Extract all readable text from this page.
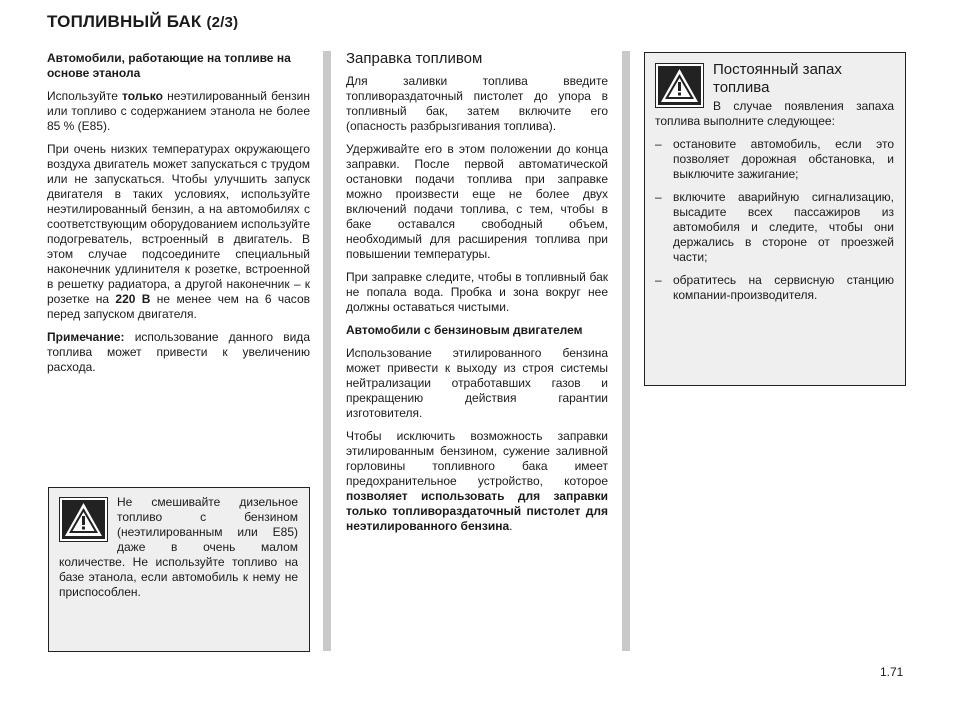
ТОПЛИВНЫЙ БАК (2/3)
Автомобили, работающие на топливе на основе этанола

Используйте только неэтилированный бензин или топливо с содержанием этанола не более 85 % (E85).

При очень низких температурах окружающего воздуха двигатель может запускаться с трудом или не запускаться. Чтобы улучшить запуск двигателя в таких условиях, используйте неэтилированный бензин, а на автомобилях с соответствующим оборудованием используйте подогреватель, встроенный в двигатель. В этом случае подсоедините специальный наконечник удлинителя к розетке, встроенной в решетку радиатора, а другой наконечник – к розетке на 220 В не менее чем на 6 часов перед запуском двигателя.

Примечание: использование данного вида топлива может привести к увеличению расхода.

Не смешивайте дизельное топливо с бензином (неэтилированным или E85) даже в очень малом количестве. Не используйте топливо на базе этанола, если автомобиль к нему не приспособлен.
Заправка топливом

Для заливки топлива введите топливораздаточный пистолет до упора в топливный бак, затем включите его (опасность разбрызгивания топлива).

Удерживайте его в этом положении до конца заправки. После первой автоматической остановки подачи топлива при заправке можно произвести еще не более двух включений подачи топлива, с тем, чтобы в баке оставался свободный объем, необходимый для расширения топлива при повышении температуры.

При заправке следите, чтобы в топливный бак не попала вода. Пробка и зона вокруг нее должны оставаться чистыми.

Автомобили с бензиновым двигателем

Использование этилированного бензина может привести к выходу из строя системы нейтрализации отработавших газов и прекращению действия гарантии изготовителя.

Чтобы исключить возможность заправки этилированным бензином, сужение заливной горловины топливного бака имеет предохранительное устройство, которое позволяет использовать для заправки только топливораздаточный пистолет для неэтилированного бензина.

Постоянный запах топлива

В случае появления запаха топлива выполните следующее:

– остановите автомобиль, если это позволяет дорожная обстановка, и выключите зажигание;
– включите аварийную сигнализацию, высадите всех пассажиров из автомобиля и следите, чтобы они держались в стороне от проезжей части;
– обратитесь на сервисную станцию компании-производителя.
1.71
